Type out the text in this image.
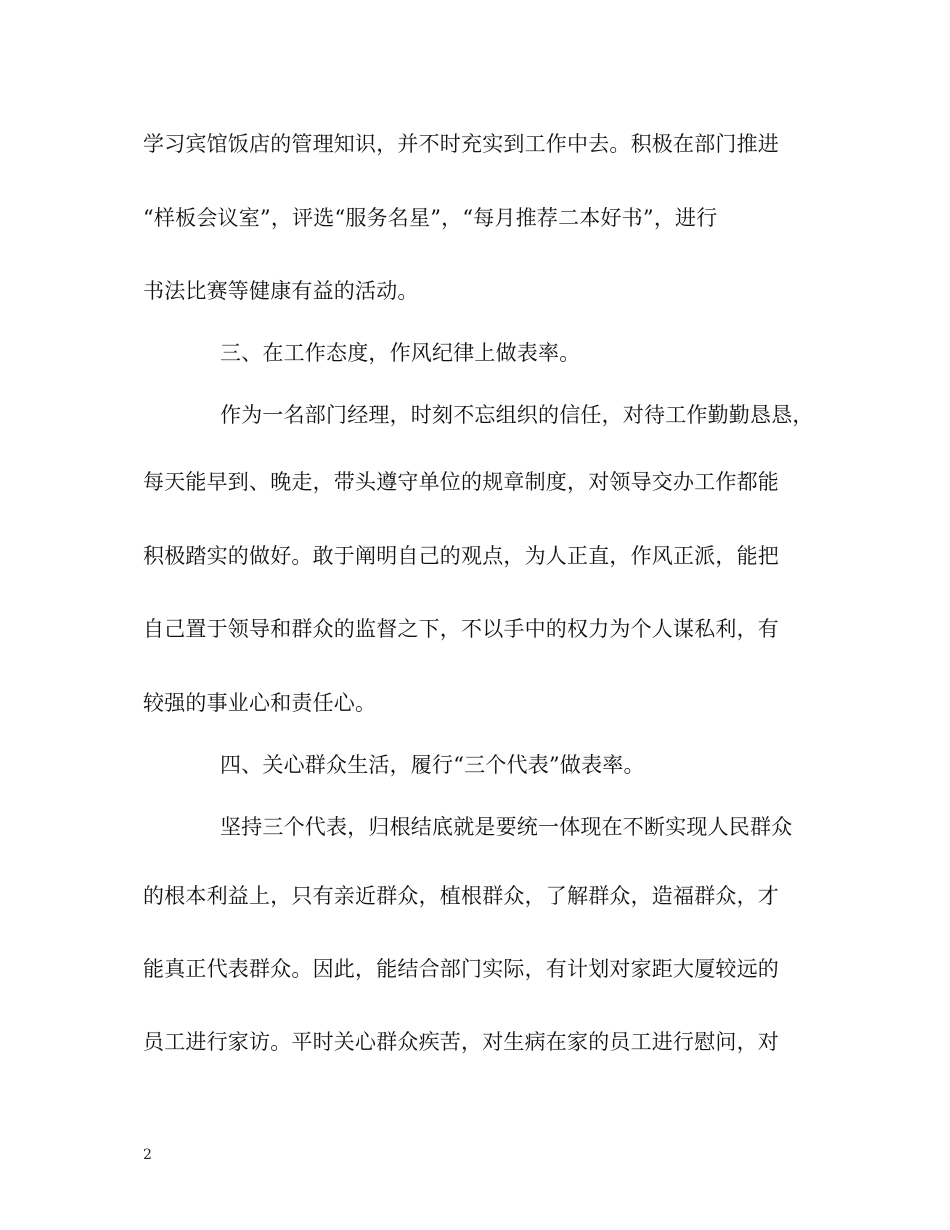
学习宾馆饭店的管理知识，并不时充实到工作中去。积极在部门推进
“样板会议室”，评选“服务名星”，“每月推荐二本好书”，进行
书法比赛等健康有益的活动。
三、在工作态度，作风纪律上做表率。
作为一名部门经理，时刻不忘组织的信任，对待工作勤勤恳恳，
每天能早到、晚走，带头遵守单位的规章制度，对领导交办工作都能
积极踏实的做好。敢于阐明自己的观点，为人正直，作风正派，能把
自己置于领导和群众的监督之下，不以手中的权力为个人谋私利，有
较强的事业心和责任心。
四、关心群众生活，履行“三个代表”做表率。
坚持三个代表，归根结底就是要统一体现在不断实现人民群众
的根本利益上，只有亲近群众，植根群众，了解群众，造福群众，才
能真正代表群众。因此，能结合部门实际，有计划对家距大厦较远的
员工进行家访。平时关心群众疾苦，对生病在家的员工进行慰问，对
2
